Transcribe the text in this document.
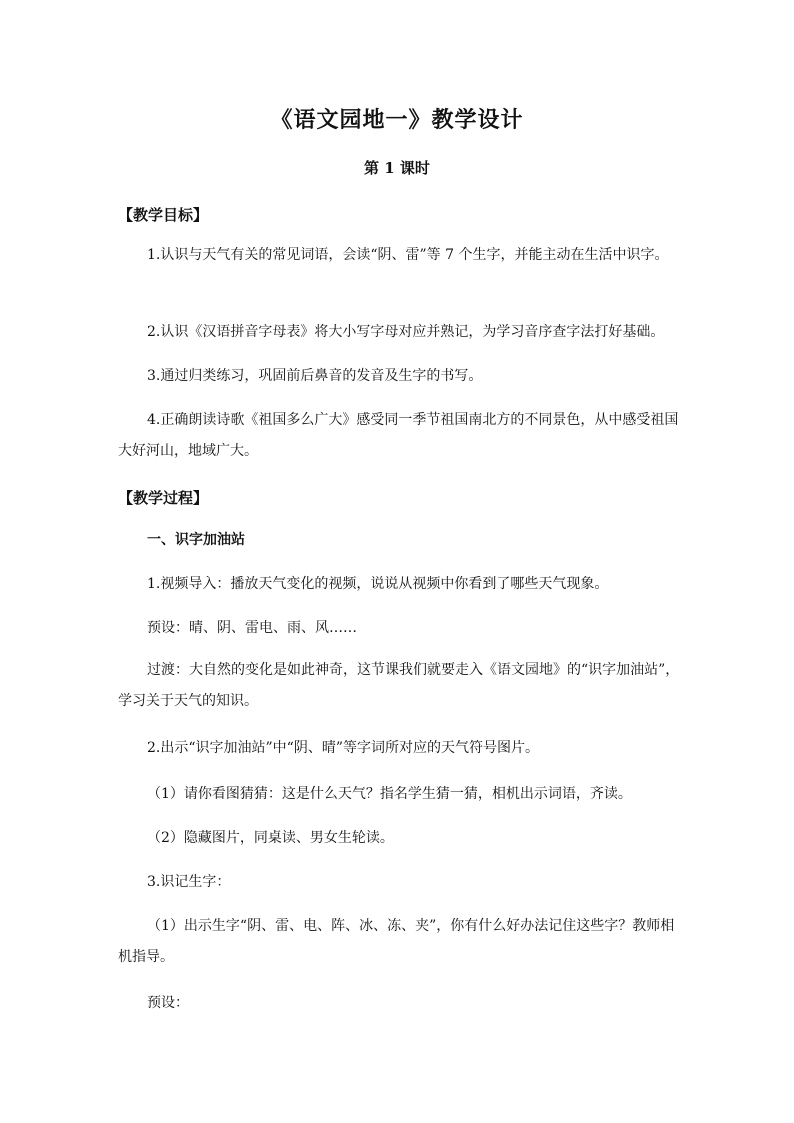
《语文园地一》教学设计
第 1 课时
【教学目标】
1.认识与天气有关的常见词语，会读“阴、雷”等 7 个生字，并能主动在生活中识字。
2.认识《汉语拼音字母表》将大小写字母对应并熟记，为学习音序查字法打好基础。
3.通过归类练习，巩固前后鼻音的发音及生字的书写。
4.正确朗读诗歌《祖国多么广大》感受同一季节祖国南北方的不同景色，从中感受祖国大好河山，地域广大。
【教学过程】
一、识字加油站
1.视频导入：播放天气变化的视频，说说从视频中你看到了哪些天气现象。
预设：晴、阴、雷电、雨、风……
过渡：大自然的变化是如此神奇，这节课我们就要走入《语文园地》的“识字加油站”，学习关于天气的知识。
2.出示“识字加油站”中“阴、晴”等字词所对应的天气符号图片。
（1）请你看图猜猜：这是什么天气？指名学生猜一猜，相机出示词语，齐读。
（2）隐藏图片，同桌读、男女生轮读。
3.识记生字：
（1）出示生字“阴、雷、电、阵、冰、冻、夹”，你有什么好办法记住这些字？教师相机指导。
预设：
